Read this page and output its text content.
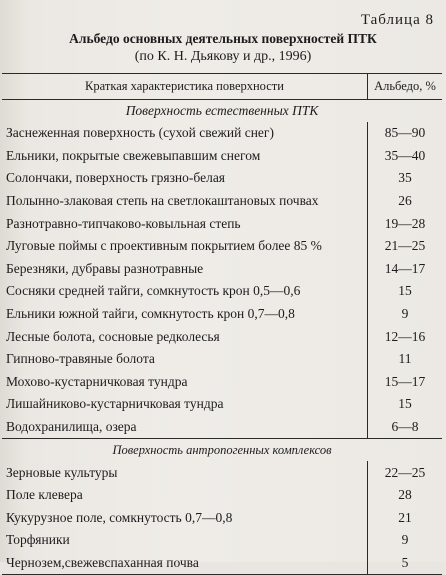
Таблица 8
Альбедо основных деятельных поверхностей ПТК
(по К. Н. Дьякову и др., 1996)
Краткая характеристика поверхности	Альбедо, %
Поверхность естественных ПТК	
Заснеженная поверхность (сухой свежий снег)	85—90
Ельники, покрытые свежевыпавшим снегом	35—40
Солончаки, поверхность грязно-белая	35
Полынно-злаковая степь на светлокаштановых почвах	26
Разнотравно-типчаково-ковыльная степь	19—28
Луговые поймы с проективным покрытием более 85 %	21—25
Березняки, дубравы разнотравные	14—17
Сосняки средней тайги, сомкнутость крон 0,5—0,6	15
Ельники южной тайги, сомкнутость крон 0,7—0,8	9
Лесные болота, сосновые редколесья	12—16
Гипново-травяные болота	11
Мохово-кустарничковая тундра	15—17
Лишайниково-кустарничковая тундра	15
Водохранилища, озера	6—8
Поверхность антропогенных комплексов	
Зерновые культуры	22—25
Поле клевера	28
Кукурузное поле, сомкнутость 0,7—0,8	21
Торфяники	9
Чернозем,свежевспаханная почва	5
